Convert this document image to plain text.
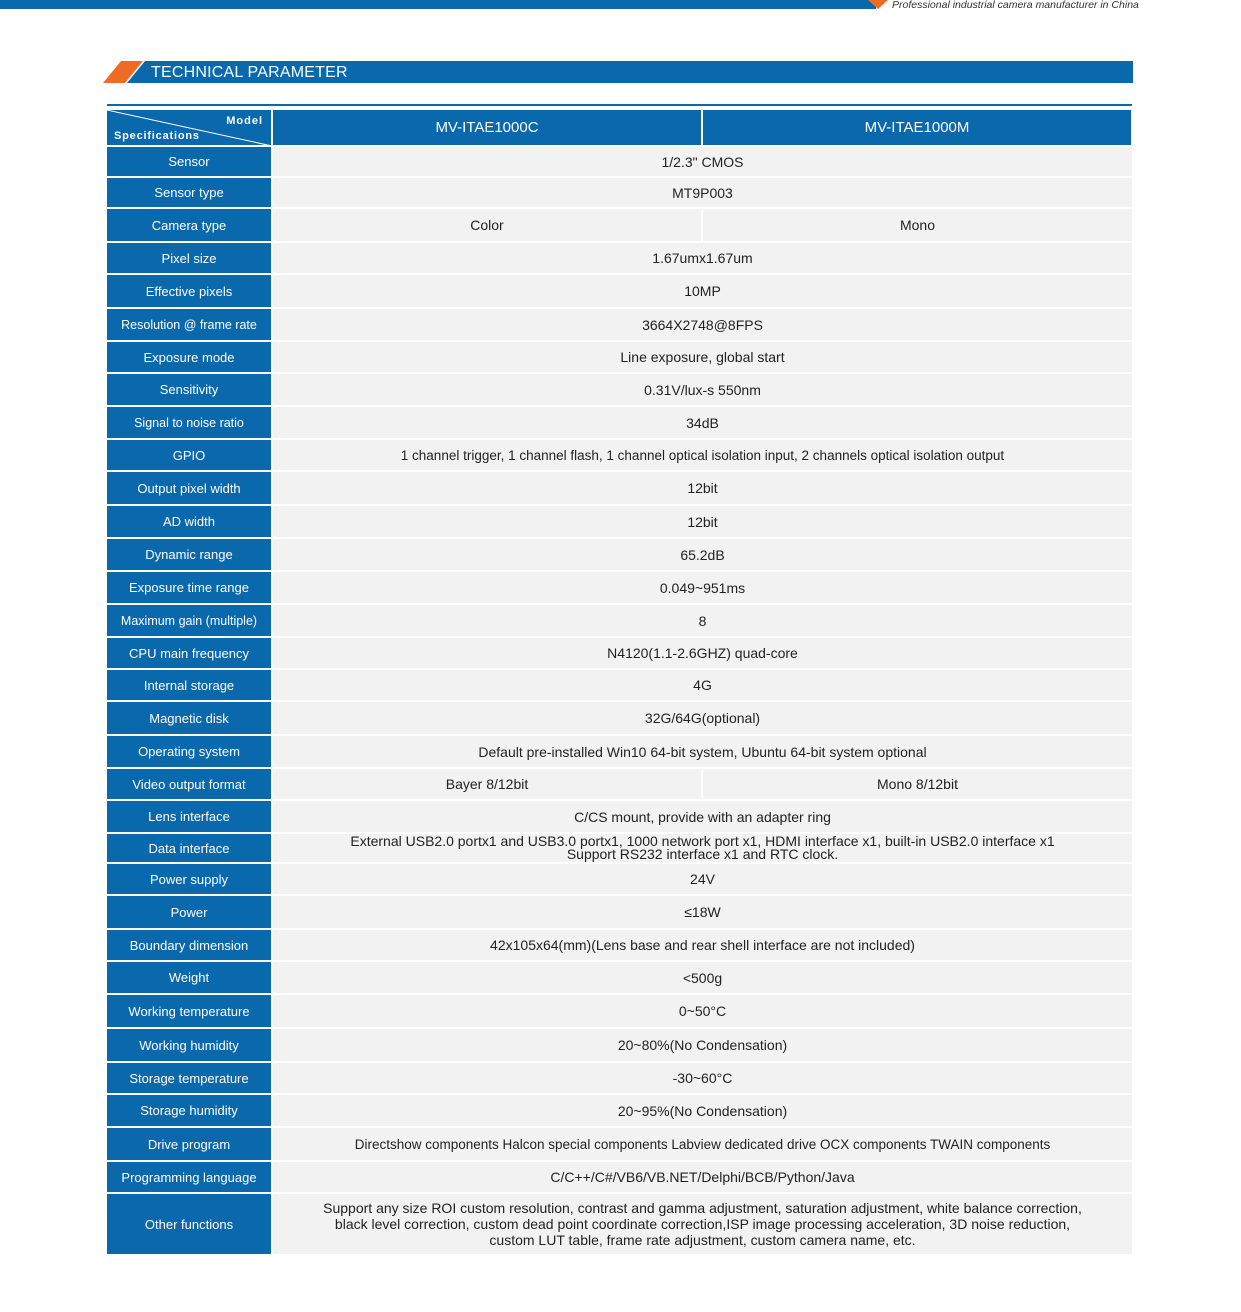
Professional industrial camera manufacturer in China
TECHNICAL PARAMETER
Model
Specifications	MV-ITAE1000C	MV-ITAE1000M
Sensor	1/2.3" CMOS	
Sensor type	MT9P003	
Camera type	Color	Mono
Pixel size	1.67umx1.67um	
Effective pixels	10MP	
Resolution @ frame rate	3664X2748@8FPS	
Exposure mode	Line exposure, global start	
Sensitivity	0.31V/lux-s 550nm	
Signal to noise ratio	34dB	
GPIO	1 channel trigger, 1 channel flash, 1 channel optical isolation input, 2 channels optical isolation output	
Output pixel width	12bit	
AD width	12bit	
Dynamic range	65.2dB	
Exposure time range	0.049~951ms	
Maximum gain (multiple)	8	
CPU main frequency	N4120(1.1-2.6GHZ) quad-core	
Internal storage	4G	
Magnetic disk	32G/64G(optional)	
Operating system	Default pre-installed Win10 64-bit system, Ubuntu 64-bit system optional	
Video output format	Bayer 8/12bit	Mono 8/12bit
Lens interface	C/CS mount, provide with an adapter ring	
Data interface	External USB2.0 portx1 and USB3.0 portx1, 1000 network port x1, HDMI interface x1, built-in USB2.0 interface x1
Support RS232 interface x1 and RTC clock.	

Power supply	24V	
Power	≤18W	
Boundary dimension	42x105x64(mm)(Lens base and rear shell interface are not included)	
Weight	<500g	
Working temperature	0~50°C	
Working humidity	20~80%(No Condensation)	
Storage temperature	-30~60°C	
Storage humidity	20~95%(No Condensation)	
Drive program	Directshow components Halcon special components Labview dedicated drive OCX components TWAIN components	
Programming language	C/C++/C#/VB6/VB.NET/Delphi/BCB/Python/Java	
Other functions	Support any size ROI custom resolution, contrast and gamma adjustment, saturation adjustment, white balance correction,
black level correction, custom dead point coordinate correction,ISP image processing acceleration, 3D noise reduction,
custom LUT table, frame rate adjustment, custom camera name, etc.	
